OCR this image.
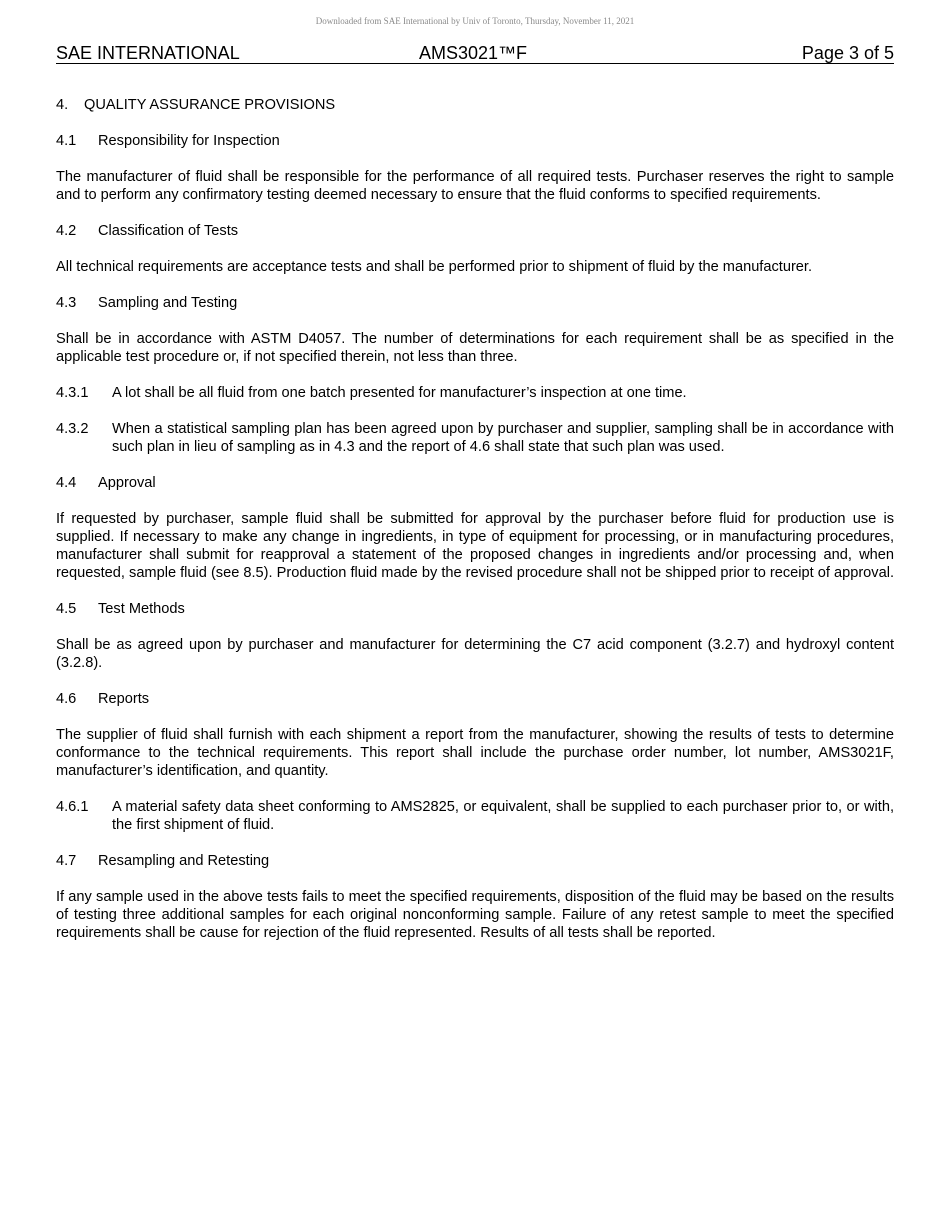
Downloaded from SAE International by Univ of Toronto, Thursday, November 11, 2021
SAE INTERNATIONAL	AMS3021™F	Page 3 of 5
4.	QUALITY ASSURANCE PROVISIONS
4.1	Responsibility for Inspection

The manufacturer of fluid shall be responsible for the performance of all required tests. Purchaser reserves the right to sample and to perform any confirmatory testing deemed necessary to ensure that the fluid conforms to specified requirements.

4.2	Classification of Tests

All technical requirements are acceptance tests and shall be performed prior to shipment of fluid by the manufacturer.

4.3	Sampling and Testing

Shall be in accordance with ASTM D4057. The number of determinations for each requirement shall be as specified in the applicable test procedure or, if not specified therein, not less than three.

4.3.1	A lot shall be all fluid from one batch presented for manufacturer’s inspection at one time.
4.3.2	When a statistical sampling plan has been agreed upon by purchaser and supplier, sampling shall be in accordance with such plan in lieu of sampling as in 4.3 and the report of 4.6 shall state that such plan was used.
4.4	Approval

If requested by purchaser, sample fluid shall be submitted for approval by the purchaser before fluid for production use is supplied. If necessary to make any change in ingredients, in type of equipment for processing, or in manufacturing procedures, manufacturer shall submit for reapproval a statement of the proposed changes in ingredients and/or processing and, when requested, sample fluid (see 8.5). Production fluid made by the revised procedure shall not be shipped prior to receipt of approval.

4.5	Test Methods

Shall be as agreed upon by purchaser and manufacturer for determining the C7 acid component (3.2.7) and hydroxyl content (3.2.8).

4.6	Reports

The supplier of fluid shall furnish with each shipment a report from the manufacturer, showing the results of tests to determine conformance to the technical requirements. This report shall include the purchase order number, lot number, AMS3021F, manufacturer’s identification, and quantity.

4.6.1	A material safety data sheet conforming to AMS2825, or equivalent, shall be supplied to each purchaser prior to, or with, the first shipment of fluid.
4.7	Resampling and Retesting

If any sample used in the above tests fails to meet the specified requirements, disposition of the fluid may be based on the results of testing three additional samples for each original nonconforming sample. Failure of any retest sample to meet the specified requirements shall be cause for rejection of the fluid represented. Results of all tests shall be reported.
